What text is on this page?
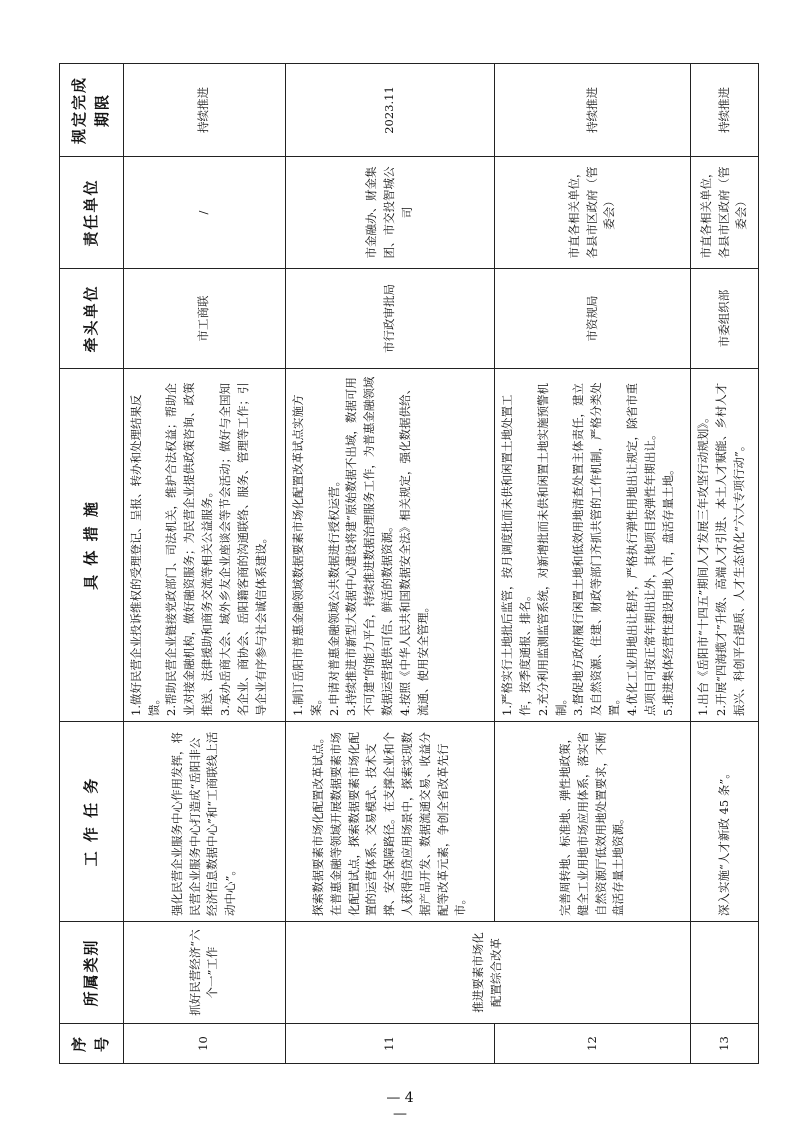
序号	所属类别	工 作 任 务	具 体 措 施	牵头单位	责任单位	规定完成期限
10	抓好民营经济“六个一”工作	强化民营企业服务中心作用发挥，将民营企业服务中心打造成“岳阳非公经济信息数据中心”和“工商联线上活动中心”。	1.做好民营企业投诉维权的受理登记、呈报、转办和处理结果反馈。 2.帮助民营企业链接党政部门、司法机关，维护合法权益；帮助企业对接金融机构，做好融资服务；为民营企业提供政策咨询、政策推送、法律援助和商务交流等相关公益服务。 3.承办岳商大会、域外乡友企业座谈会等节会活动；做好与全国知名企业、商协会、岳阳籍客商的沟通联络、服务、管理等工作；引导企业有序参与社会诚信体系建设。	市工商联	/	持续推进
11	推进要素市场化配置综合改革	探索数据要素市场化配置改革试点。在普惠金融等领域开展数据要素市场化配置试点，探索数据要素市场化配置的运营体系、交易模式、技术支撑、安全保障路径。在支撑企业和个人获得信贷应用场景中，探索实现数据产品开发、数据流通交易、收益分配等改革元素，争创全省改革先行市。	1.制订岳阳市普惠金融领域数据要素市场化配置改革试点实施方案。 2.申请对普惠金融领域公共数据进行授权运营。 3.持续推进市新型大数据中心建设将建“原始数据不出域，数据可用不可建”的能力平台，持续推进数据治理服务工作，为普惠金融领域数据运营提供可信、鲜活的数据资源。 4.按照《中华人民共和国数据安全法》相关规定，强化数据供给、流通、使用安全管理。	市行政审批局	市金融办、财金集团、市交投智城公司	2023.11
12		完善周转地、标准地、弹性地政策，健全工业用地市场应用体系，落实省自然资源厅低效用地处置要求，不断盘活存量土地资源。	1.严格实行土地批后监管，按月调度批而未供和闲置土地处置工作，按季度通报、排名。 2.充分利用监测监管系统，对新增批而未供和闲置土地实施预警机制。 3.督促地方政府履行闲置土地和低效用地清查处置主体责任，建立及自然资源、住建、财政等部门齐抓共管的工作机制，严格分类处置。 4.优化工业用地出让程序，严格执行弹性用地出让规定，除省市重点项目可按正常年期出让外，其他项目按弹性年期出让。 5.推进集体经营性建设用地入市，盘活存量土地。	市资规局	市直各相关单位，各县市区政府（管委会）	持续推进
13		深入实施“人才新政 45 条”。	1.出台《岳阳市“十四五”期间人才发展三年攻坚行动规划》。 2.开展“四海揽才”升级、高端人才引进、本土人才赋能、乡村人才振兴、科创平台提质、人才生态优化“六大专项行动”。	市委组织部	市直各相关单位，各县市区政府（管委会）	持续推进
— 4 —
